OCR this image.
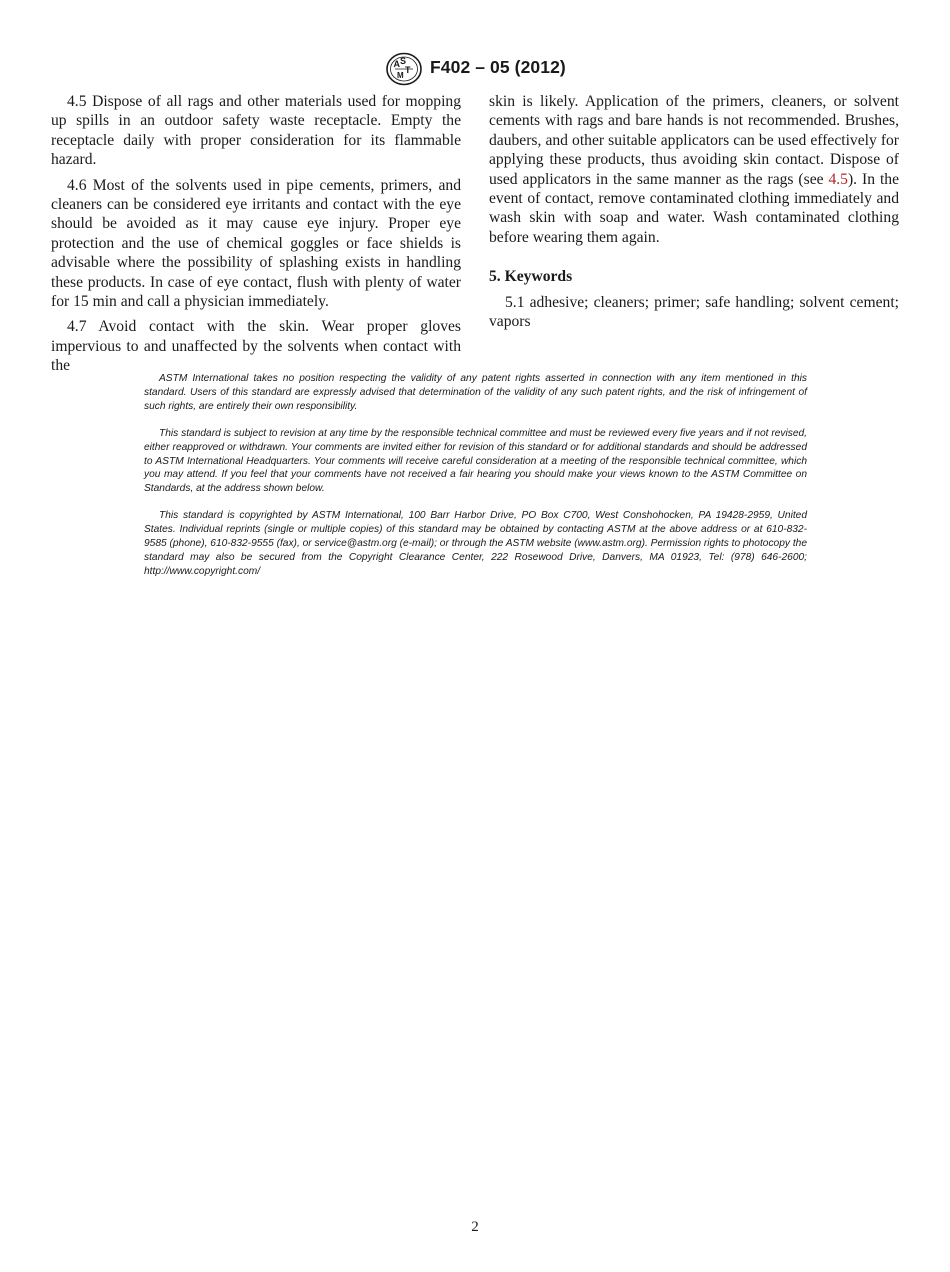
A S
T
M F402 – 05 (2012)

4.5 Dispose of all rags and other materials used for mopping up spills in an outdoor safety waste receptacle. Empty the receptacle daily with proper consideration for its flammable hazard.

4.6 Most of the solvents used in pipe cements, primers, and cleaners can be considered eye irritants and contact with the eye should be avoided as it may cause eye injury. Proper eye protection and the use of chemical goggles or face shields is advisable where the possibility of splashing exists in handling these products. In case of eye contact, flush with plenty of water for 15 min and call a physician immediately.

4.7 Avoid contact with the skin. Wear proper gloves impervious to and unaffected by the solvents when contact with the

skin is likely. Application of the primers, cleaners, or solvent cements with rags and bare hands is not recommended. Brushes, daubers, and other suitable applicators can be used effectively for applying these products, thus avoiding skin contact. Dispose of used applicators in the same manner as the rags (see 4.5). In the event of contact, remove contaminated clothing immediately and wash skin with soap and water. Wash contaminated clothing before wearing them again.

5. Keywords

5.1 adhesive; cleaners; primer; safe handling; solvent cement; vapors

ASTM International takes no position respecting the validity of any patent rights asserted in connection with any item mentioned in this standard. Users of this standard are expressly advised that determination of the validity of any such patent rights, and the risk of infringement of such rights, are entirely their own responsibility.

This standard is subject to revision at any time by the responsible technical committee and must be reviewed every five years and if not revised, either reapproved or withdrawn. Your comments are invited either for revision of this standard or for additional standards and should be addressed to ASTM International Headquarters. Your comments will receive careful consideration at a meeting of the responsible technical committee, which you may attend. If you feel that your comments have not received a fair hearing you should make your views known to the ASTM Committee on Standards, at the address shown below.

This standard is copyrighted by ASTM International, 100 Barr Harbor Drive, PO Box C700, West Conshohocken, PA 19428-2959, United States. Individual reprints (single or multiple copies) of this standard may be obtained by contacting ASTM at the above address or at 610-832-9585 (phone), 610-832-9555 (fax), or service@astm.org (e-mail); or through the ASTM website (www.astm.org). Permission rights to photocopy the standard may also be secured from the Copyright Clearance Center, 222 Rosewood Drive, Danvers, MA 01923, Tel: (978) 646-2600; http://www.copyright.com/

2
